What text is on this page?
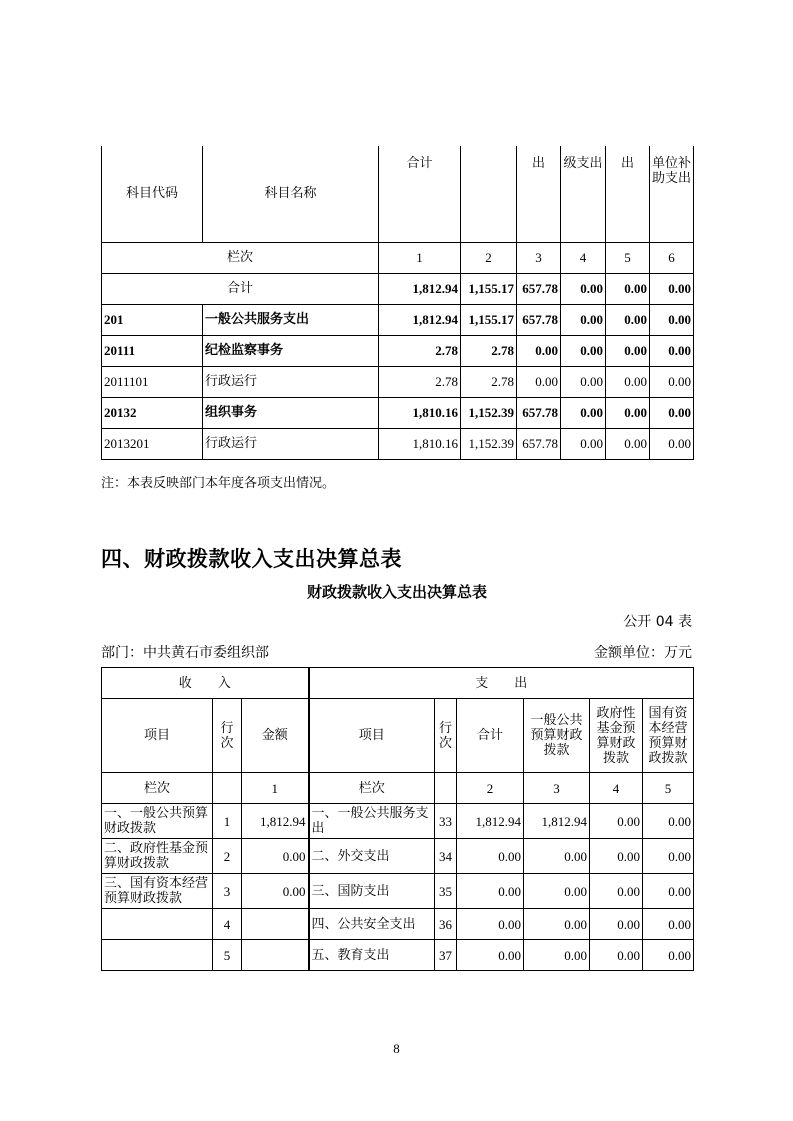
科目代码	科目名称	合计		出	级支出	出	单位补助支出
栏次		1	2	3	4	5	6
合计		1,812.94	1,155.17	657.78	0.00	0.00	0.00
201	一般公共服务支出	1,812.94	1,155.17	657.78	0.00	0.00	0.00
20111	纪检监察事务	2.78	2.78	0.00	0.00	0.00	0.00
2011101	行政运行	2.78	2.78	0.00	0.00	0.00	0.00
20132	组织事务	1,810.16	1,152.39	657.78	0.00	0.00	0.00
2013201	行政运行	1,810.16	1,152.39	657.78	0.00	0.00	0.00
注：本表反映部门本年度各项支出情况。
四、财政拨款收入支出决算总表
财政拨款收入支出决算总表
公开 04 表
部门：中共黄石市委组织部	金额单位：万元
收　　入			支　　出					
项目	行次	金额	项目	行次	合计	一般公共预算财政拨款	政府性基金预算财政拨款	国有资本经营预算财政拨款
栏次		1	栏次		2	3	4	5
一、一般公共预算财政拨款	1	1,812.94	一、一般公共服务支出	33	1,812.94	1,812.94	0.00	0.00
二、政府性基金预算财政拨款	2	0.00	二、外交支出	34	0.00	0.00	0.00	0.00
三、国有资本经营预算财政拨款	3	0.00	三、国防支出	35	0.00	0.00	0.00	0.00
	4		四、公共安全支出	36	0.00	0.00	0.00	0.00
	5		五、教育支出	37	0.00	0.00	0.00	0.00
8
